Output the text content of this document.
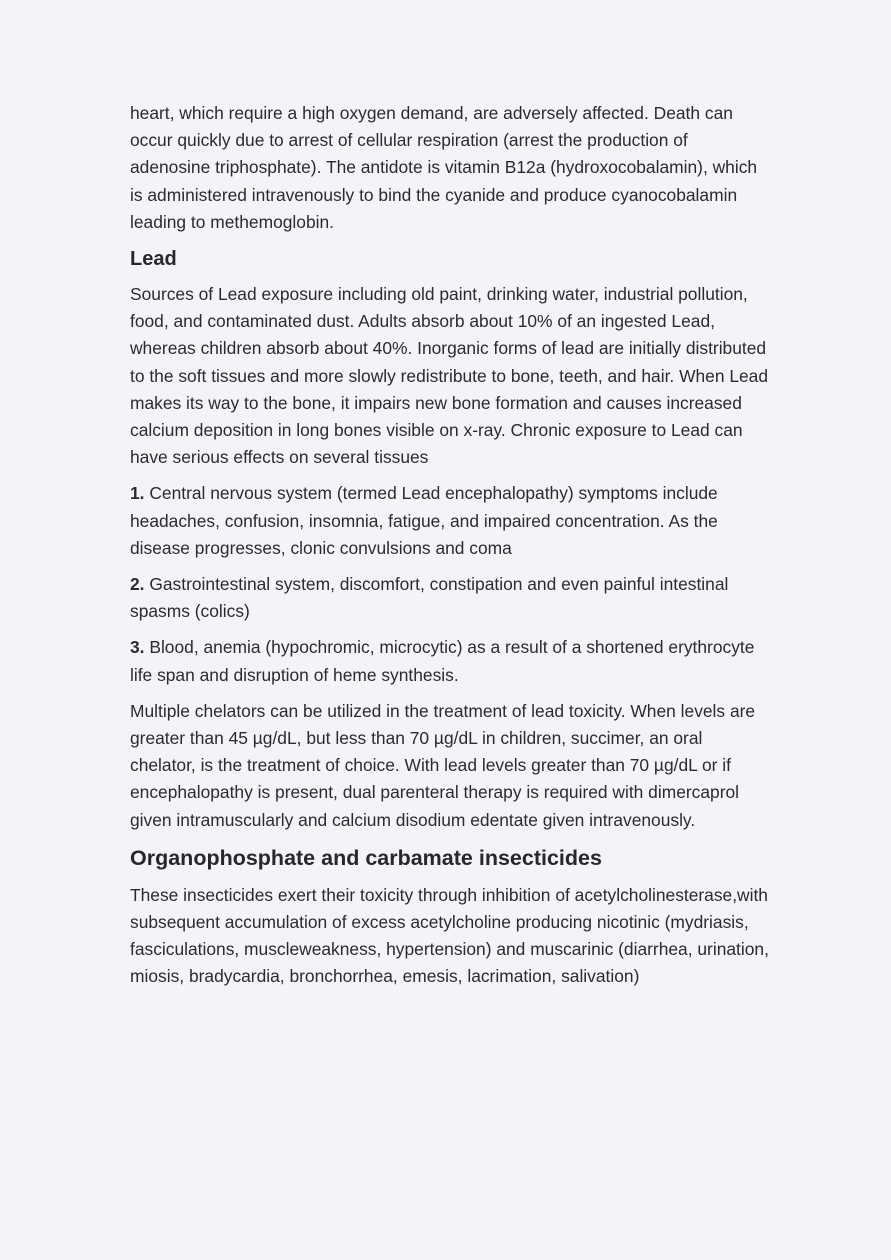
heart, which require a high oxygen demand, are adversely affected. Death can occur quickly due to arrest of cellular respiration (arrest the production of adenosine triphosphate). The antidote is vitamin B12a (hydroxocobalamin), which is administered intravenously to bind the cyanide and produce cyanocobalamin leading to methemoglobin.

Lead

Sources of Lead exposure including old paint, drinking water, industrial pollution, food, and contaminated dust. Adults absorb about 10% of an ingested Lead, whereas children absorb about 40%. Inorganic forms of lead are initially distributed to the soft tissues and more slowly redistribute to bone, teeth, and hair. When Lead makes its way to the bone, it impairs new bone formation and causes increased calcium deposition in long bones visible on x-ray. Chronic exposure to Lead can have serious effects on several tissues

1. Central nervous system (termed Lead encephalopathy) symptoms include headaches, confusion, insomnia, fatigue, and impaired concentration. As the disease progresses, clonic convulsions and coma

2. Gastrointestinal system, discomfort, constipation and even painful intestinal spasms (colics)

3. Blood, anemia (hypochromic, microcytic) as a result of a shortened erythrocyte life span and disruption of heme synthesis.

Multiple chelators can be utilized in the treatment of lead toxicity. When levels are greater than 45 µg/dL, but less than 70 µg/dL in children, succimer, an oral chelator, is the treatment of choice. With lead levels greater than 70 µg/dL or if encephalopathy is present, dual parenteral therapy is required with dimercaprol given intramuscularly and calcium disodium edentate given intravenously.

Organophosphate and carbamate insecticides

These insecticides exert their toxicity through inhibition of acetylcholinesterase,with subsequent accumulation of excess acetylcholine producing nicotinic (mydriasis, fasciculations, muscleweakness, hypertension) and muscarinic (diarrhea, urination, miosis, bradycardia, bronchorrhea, emesis, lacrimation, salivation)
